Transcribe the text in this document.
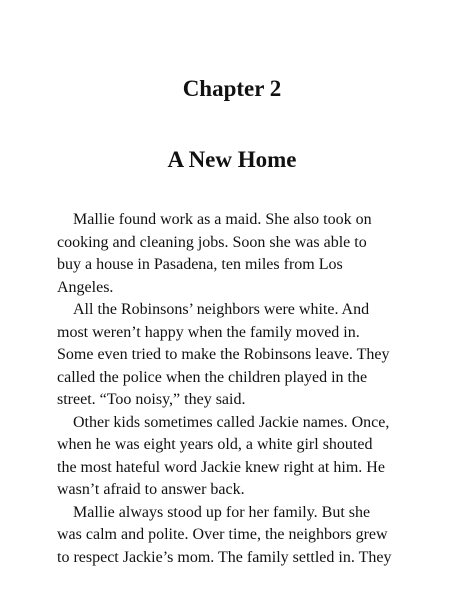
Chapter 2
A New Home

Mallie found work as a maid. She also took on
cooking and cleaning jobs. Soon she was able to
buy a house in Pasadena, ten miles from Los
Angeles.

All the Robinsons’ neighbors were white. And
most weren’t happy when the family moved in.
Some even tried to make the Robinsons leave. They
called the police when the children played in the
street. “Too noisy,” they said.

Other kids sometimes called Jackie names. Once,
when he was eight years old, a white girl shouted
the most hateful word Jackie knew right at him. He
wasn’t afraid to answer back.

Mallie always stood up for her family. But she
was calm and polite. Over time, the neighbors grew
to respect Jackie’s mom. The family settled in. They
